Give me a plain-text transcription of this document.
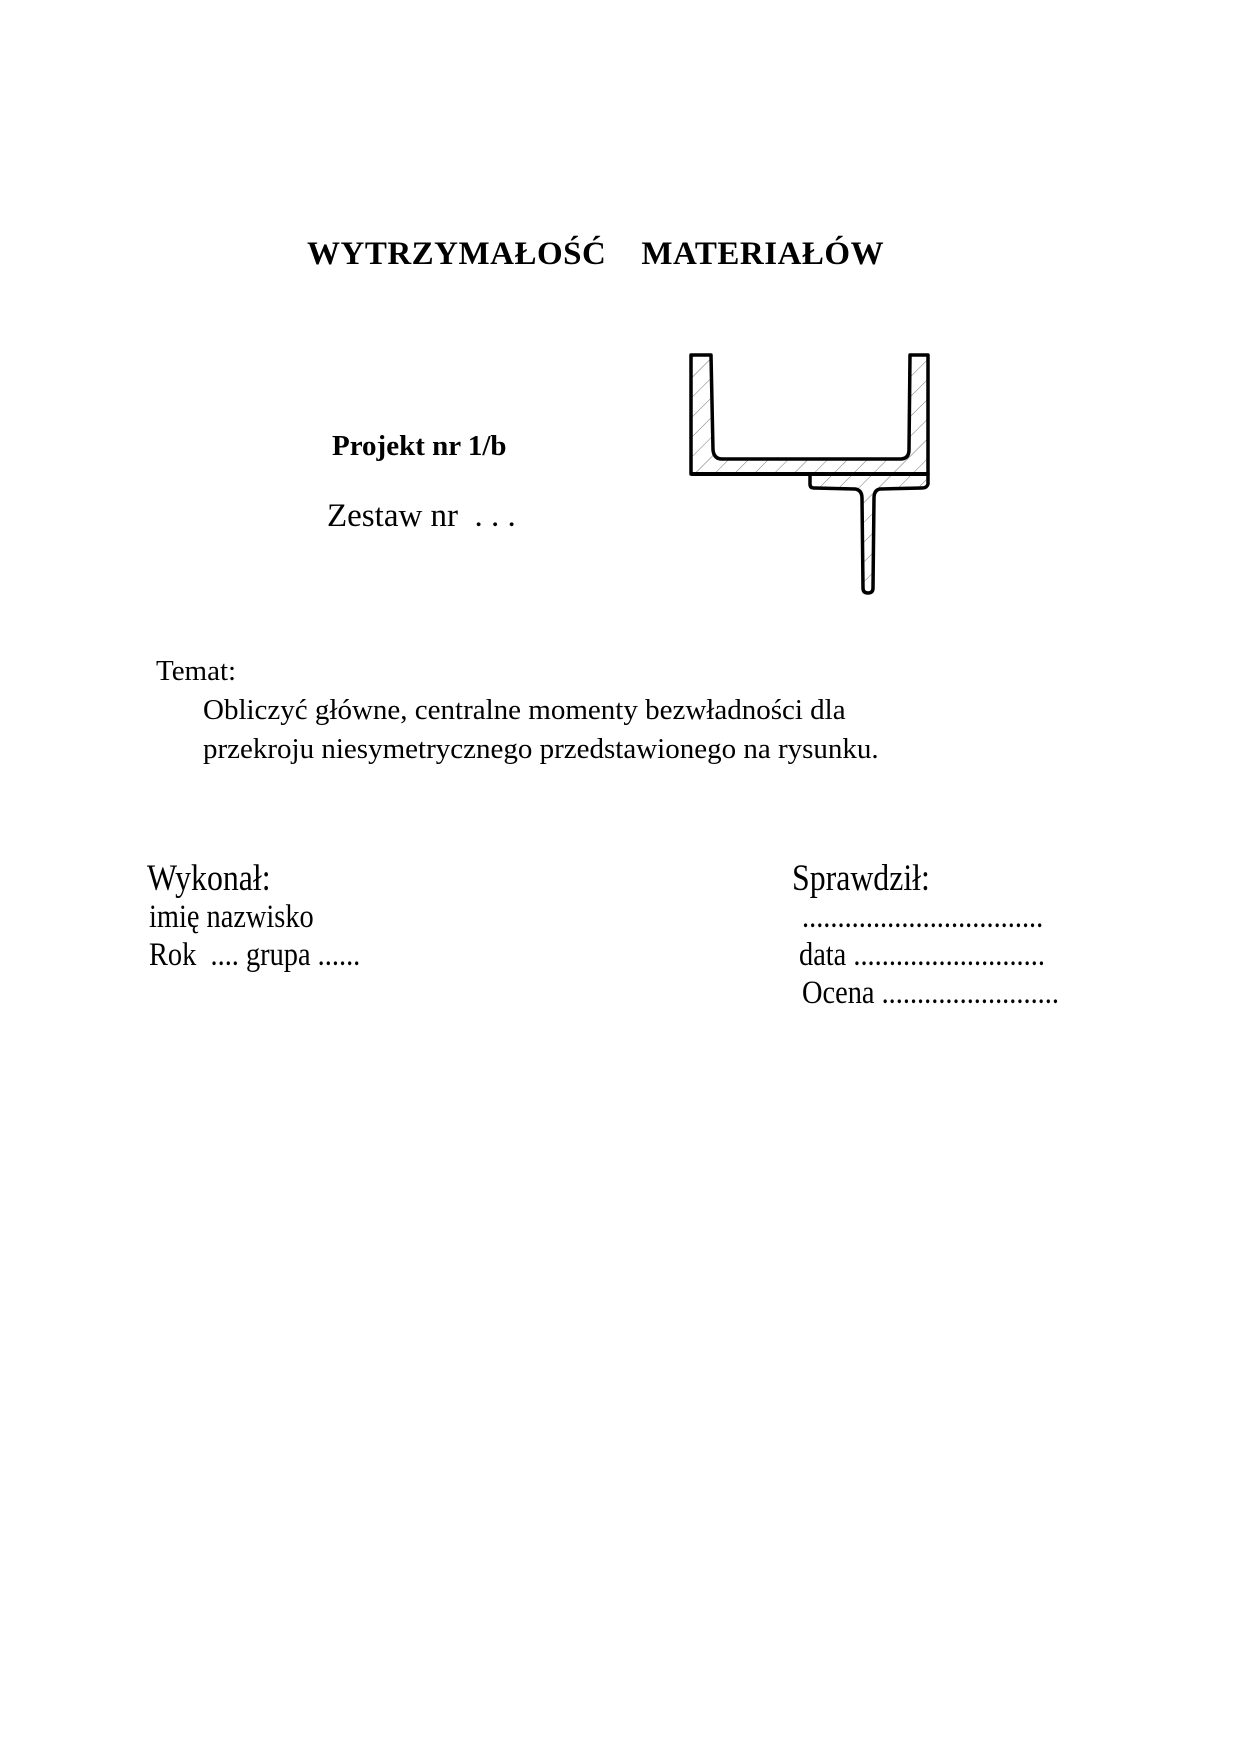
WYTRZYMAŁOŚĆ    MATERIAŁÓW
Projekt nr 1/b
Zestaw nr  . . .
Temat:
Obliczyć główne, centralne momenty bezwładności dla
przekroju niesymetrycznego przedstawionego na rysunku.
Wykonał:
imię nazwisko
Rok  .... grupa ......
Sprawdził:
..................................
data ...........................
Ocena .........................
